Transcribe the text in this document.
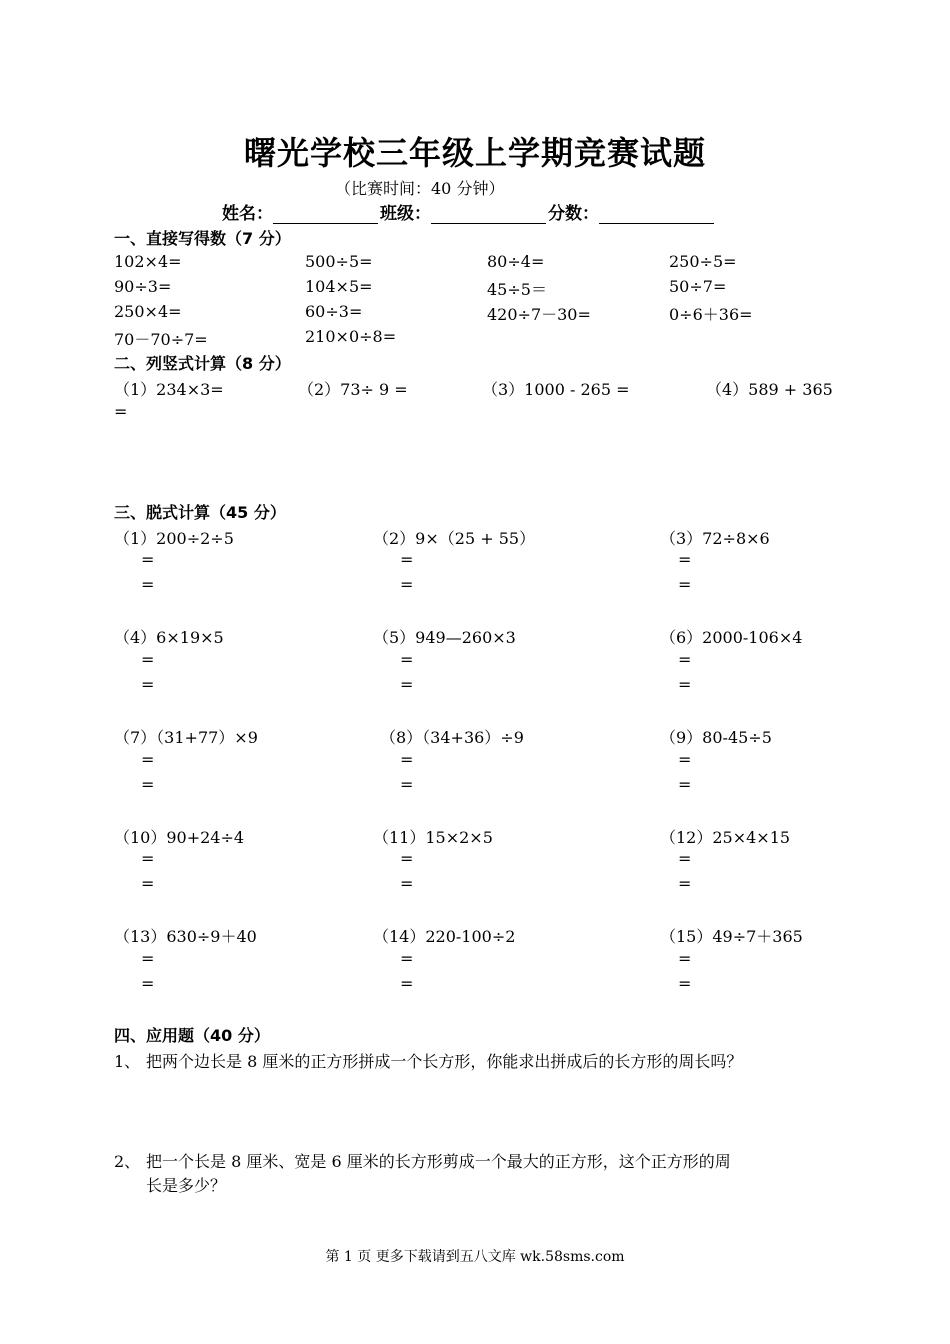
曙光学校三年级上学期竞赛试题
（比赛时间：40 分钟）
姓名：	班级：	分数：
一、直接写得数（7 分）
102×4=	500÷5=	80÷4=	250÷5=
90÷3=	104×5=	45÷5＝	50÷7=
250×4=	60÷3=	420÷7－30=	0÷6＋36=
70－70÷7=	210×0÷8=
二、列竖式计算（8 分）
（1）234×3=	（2）73÷ 9 =	（3）1000 - 265 =	（4）589 + 365
=
三、脱式计算（45 分）
（1）200÷2÷5	（2）9×（25 + 55）	（3）72÷8×6
=
=
=
=
=
=
（4）6×19×5	（5）949—260×3	（6）2000-106×4
=
=
=
=
=
=
（7）（31+77）×9	（8）（34+36）÷9	（9）80-45÷5
=
=
=
=
=
=
（10）90+24÷4	（11）15×2×5	（12）25×4×15
=
=
=
=
=
=
（13）630÷9＋40	（14）220-100÷2	（15）49÷7＋365
=
=
=
=
=
=
四、应用题（40 分）
1、 把两个边长是 8 厘米的正方形拼成一个长方形，你能求出拼成后的长方形的周长吗？
2、 把一个长是 8 厘米、宽是 6 厘米的长方形剪成一个最大的正方形，这个正方形的周
长是多少？
第 1 页 更多下载请到五八文库 wk.58sms.com
